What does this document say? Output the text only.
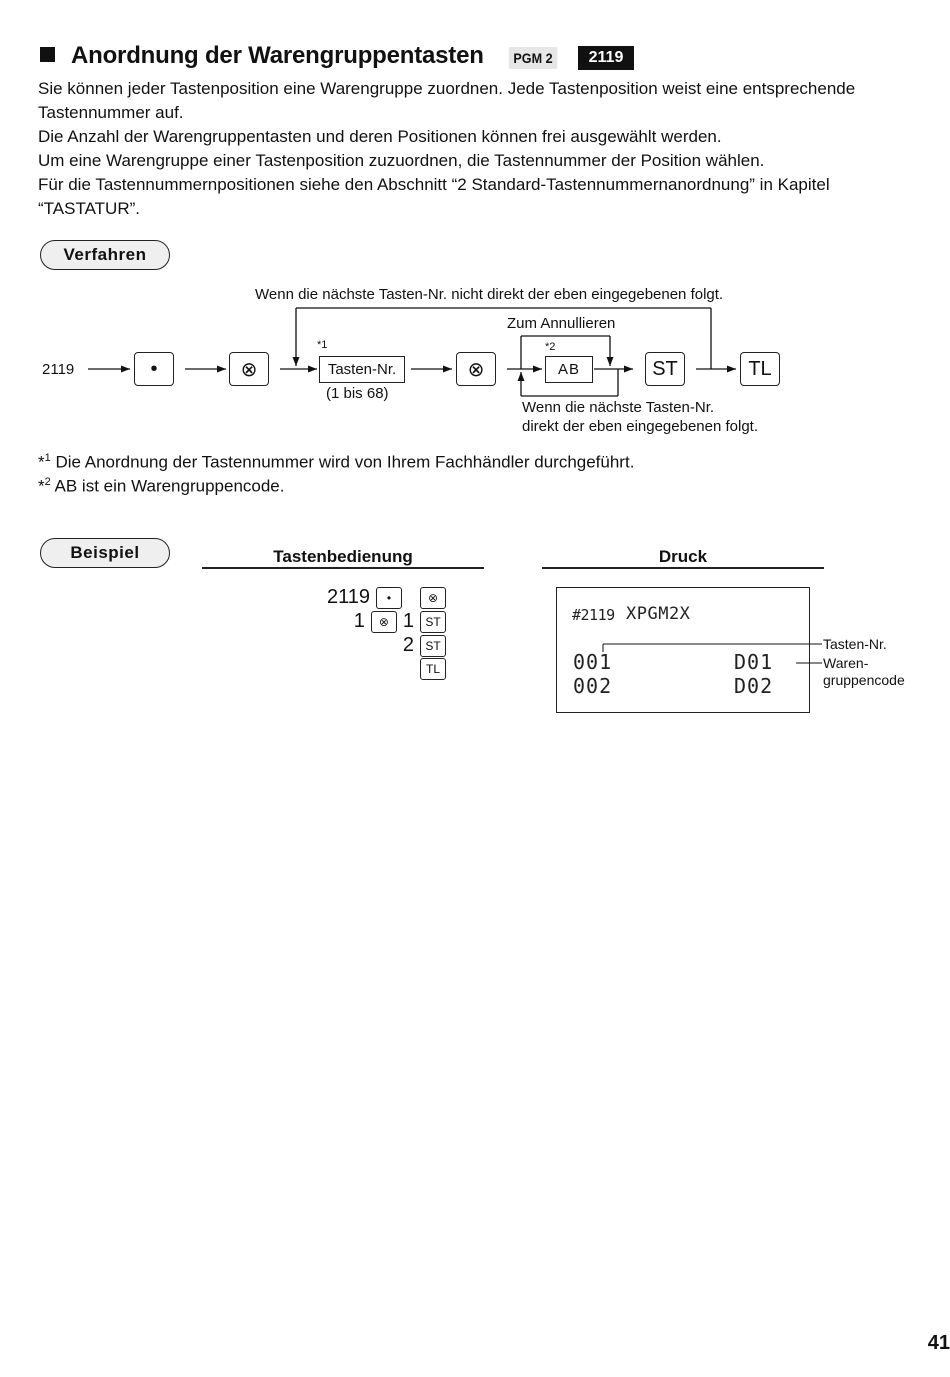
Anordnung der Warengruppentasten	PGM 2	2119

Sie können jeder Tastenposition eine Warengruppe zuordnen. Jede Tastenposition weist eine entsprechende Tastennummer auf.

Die Anzahl der Warengruppentasten und deren Positionen können frei ausgewählt werden.

Um eine Warengruppe einer Tastenposition zuzuordnen, die Tastennummer der Position wählen.

Für die Tastennummernpositionen siehe den Abschnitt “2 Standard-Tastennummernanordnung” in Kapitel “TASTATUR”.

Verfahren
Wenn die nächste Tasten-Nr. nicht direkt der eben eingegebenen folgt.
Zum Annullieren
2119	•	⊗
*1
Tasten-Nr.
(1 bis 68)
⊗
*2
AB	ST	TL
Wenn die nächste Tasten-Nr.
direkt der eben eingegebenen folgt.
*$^1$ Die Anordnung der Tastennummer wird von Ihrem Fachhändler durchgeführt.
*$^2$ AB ist ein Warengruppencode.
Beispiel	Tastenbedienung	Druck
2119	•	⊗
1	⊗ 1 ST
2 ST
TL
#2119 XPGM2X
001	D01
002	D02
Tasten-Nr.
Waren-
gruppencode
41
